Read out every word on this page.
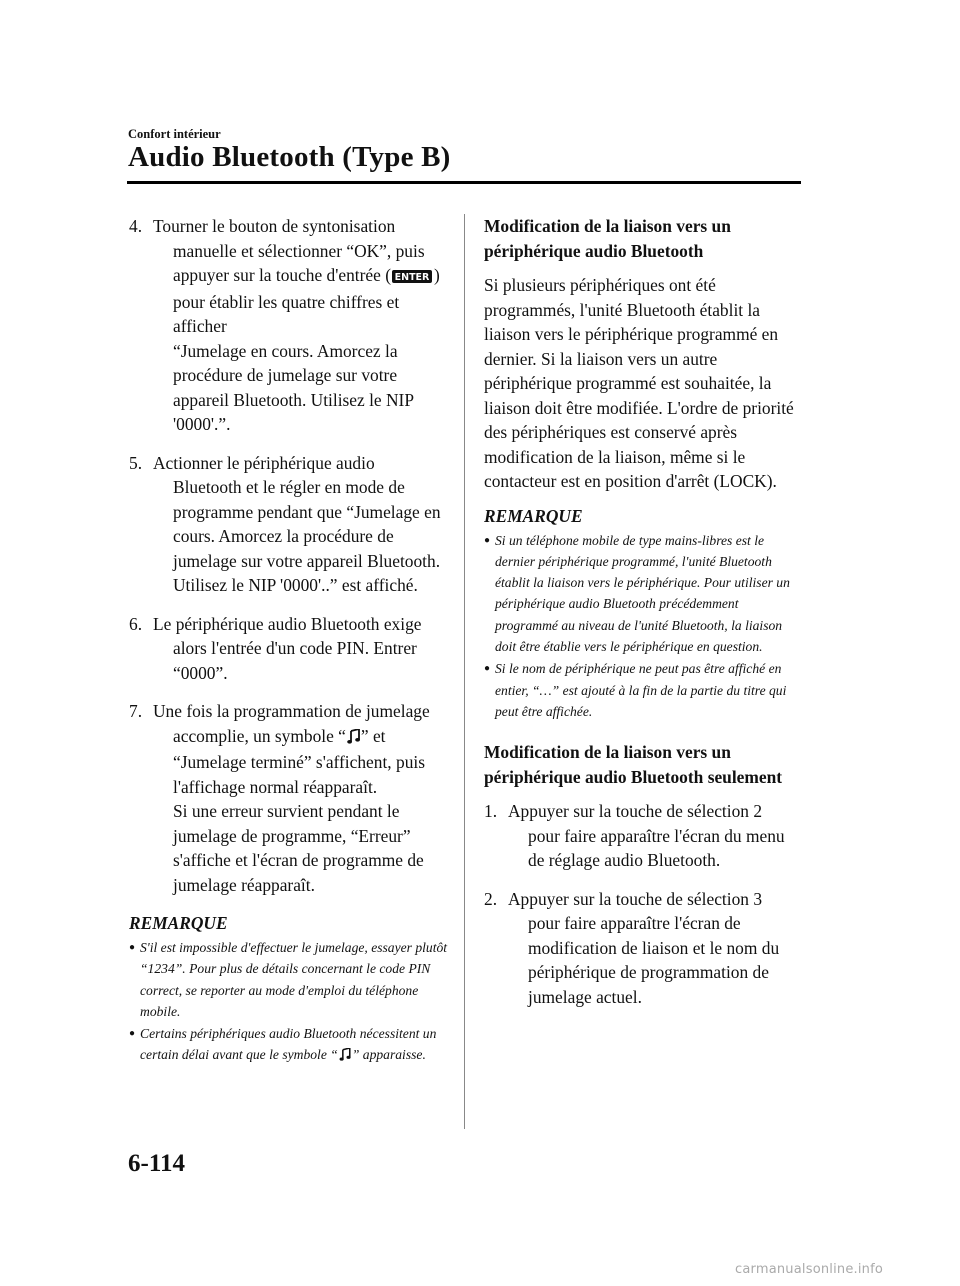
Confort intérieur
Audio Bluetooth (Type B)
4. Tourner le bouton de syntonisation
manuelle et sélectionner “OK”, puis appuyer sur la touche d'entrée ( ENTER ) pour établir les quatre chiffres et afficher
“Jumelage en cours. Amorcez la procédure de jumelage sur votre appareil Bluetooth. Utilisez le NIP '0000'.”.
5. Actionner le périphérique audio
Bluetooth et le régler en mode de programme pendant que “Jumelage en cours. Amorcez la procédure de jumelage sur votre appareil Bluetooth. Utilisez le NIP '0000'..” est affiché.
6. Le périphérique audio Bluetooth exige
alors l'entrée d'un code PIN. Entrer “0000”.
7. Une fois la programmation de jumelage
accomplie, un symbole “ ” et “Jumelage terminé” s'affichent, puis l'affichage normal réapparaît.
Si une erreur survient pendant le jumelage de programme, “Erreur” s'affiche et l'écran de programme de jumelage réapparaît.
REMARQUE
● S'il est impossible d'effectuer le jumelage, essayer plutôt “1234”. Pour plus de détails concernant le code PIN correct, se reporter au mode d'emploi du téléphone mobile.
● Certains périphériques audio Bluetooth nécessitent un certain délai avant que le symbole “ ” apparaisse.
Modification de la liaison vers un périphérique audio Bluetooth
Si plusieurs périphériques ont été programmés, l'unité Bluetooth établit la liaison vers le périphérique programmé en dernier. Si la liaison vers un autre périphérique programmé est souhaitée, la liaison doit être modifiée. L'ordre de priorité des périphériques est conservé après modification de la liaison, même si le contacteur est en position d'arrêt (LOCK).
REMARQUE
● Si un téléphone mobile de type mains-libres est le dernier périphérique programmé, l'unité Bluetooth établit la liaison vers le périphérique. Pour utiliser un périphérique audio Bluetooth précédemment programmé au niveau de l'unité Bluetooth, la liaison doit être établie vers le périphérique en question.
● Si le nom de périphérique ne peut pas être affiché en entier, “…” est ajouté à la fin de la partie du titre qui peut être affichée.
Modification de la liaison vers un périphérique audio Bluetooth seulement
1. Appuyer sur la touche de sélection 2
pour faire apparaître l'écran du menu de réglage audio Bluetooth.
2. Appuyer sur la touche de sélection 3
pour faire apparaître l'écran de modification de liaison et le nom du périphérique de programmation de jumelage actuel.
6-114
carmanualsonline.info
